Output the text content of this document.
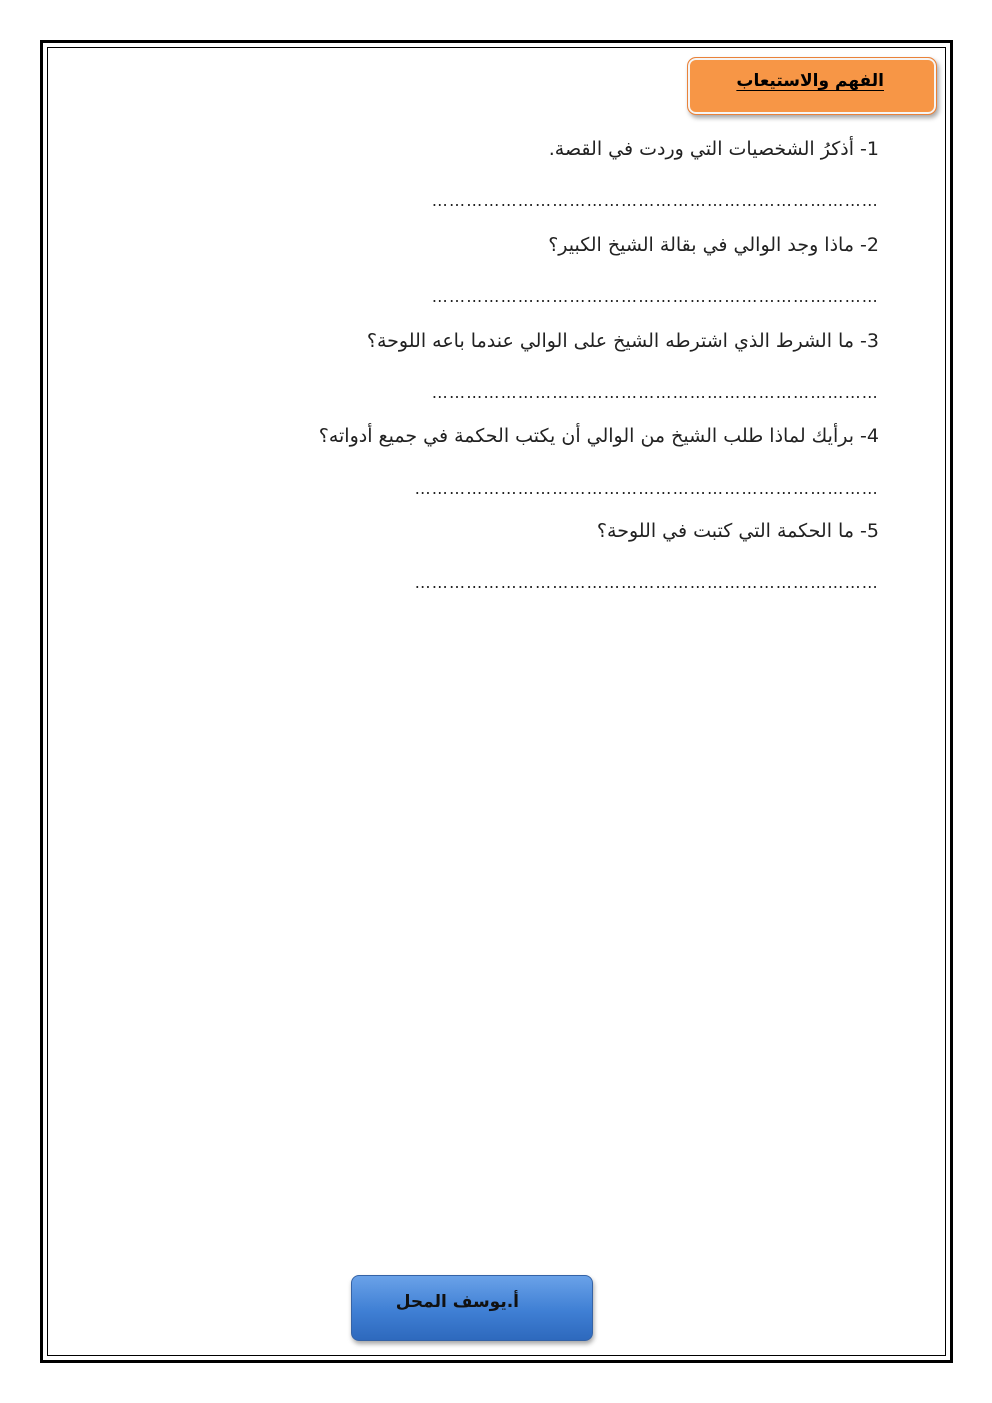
الفهم والاستيعاب
1- أذكرُ الشخصيات التي وردت في القصة.
……………………………………………………………………
2- ماذا وجد الوالي في بقالة الشيخ الكبير؟
……………………………………………………………………
3- ما الشرط الذي اشترطه الشيخ على الوالي عندما باعه اللوحة؟
……………………………………………………………………
4- برأيك لماذا طلب الشيخ من الوالي أن يكتب الحكمة في جميع أدواته؟
………………………………………………………………………
5- ما الحكمة التي كتبت في اللوحة؟
………………………………………………………………………
أ.يوسف المحل
